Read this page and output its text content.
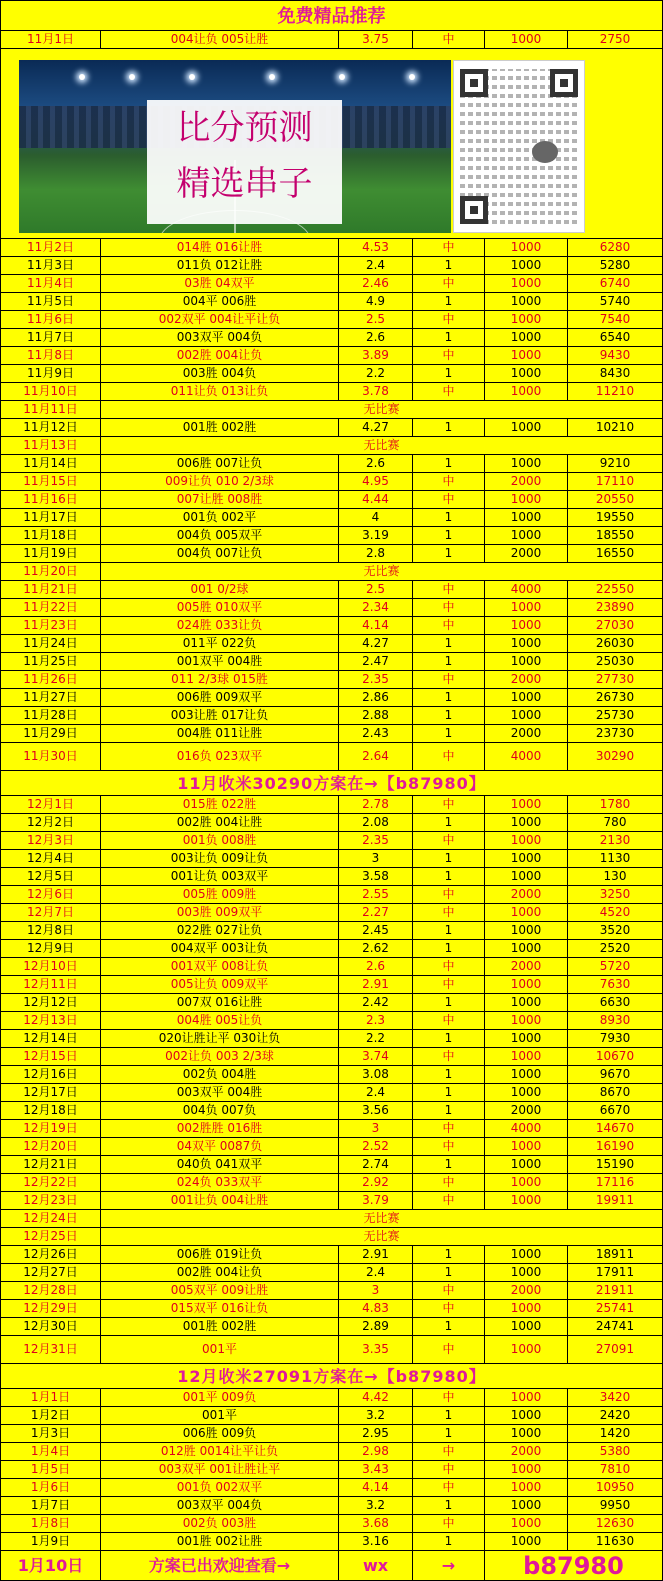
免费精品推荐
11月1日	004让负 005让胜	3.75	中	1000	2750
比分预测
精选串子
11月2日	014胜 016让胜	4.53	中	1000	6280
11月3日	011负 012让胜	2.4	1	1000	5280
11月4日	03胜 04双平	2.46	中	1000	6740
11月5日	004平 006胜	4.9	1	1000	5740
11月6日	002双平 004让平让负	2.5	中	1000	7540
11月7日	003双平 004负	2.6	1	1000	6540
11月8日	002胜 004让负	3.89	中	1000	9430
11月9日	003胜 004负	2.2	1	1000	8430
11月10日	011让负 013让负	3.78	中	1000	11210
11月11日	无比赛
11月12日	001胜 002胜	4.27	1	1000	10210
11月13日	无比赛
11月14日	006胜 007让负	2.6	1	1000	9210
11月15日	009让负 010 2/3球	4.95	中	2000	17110
11月16日	007让胜 008胜	4.44	中	1000	20550
11月17日	001负 002平	4	1	1000	19550
11月18日	004负 005双平	3.19	1	1000	18550
11月19日	004负 007让负	2.8	1	2000	16550
11月20日	无比赛
11月21日	001 0/2球	2.5	中	4000	22550
11月22日	005胜 010双平	2.34	中	1000	23890
11月23日	024胜 033让负	4.14	中	1000	27030
11月24日	011平 022负	4.27	1	1000	26030
11月25日	001双平 004胜	2.47	1	1000	25030
11月26日	011 2/3球 015胜	2.35	中	2000	27730
11月27日	006胜 009双平	2.86	1	1000	26730
11月28日	003让胜 017让负	2.88	1	1000	25730
11月29日	004胜 011让胜	2.43	1	2000	23730
11月30日	016负 023双平	2.64	中	4000	30290
11月收米30290方案在→【b87980】
12月1日	015胜 022胜	2.78	中	1000	1780
12月2日	002胜 004让胜	2.08	1	1000	780
12月3日	001负 008胜	2.35	中	1000	2130
12月4日	003让负 009让负	3	1	1000	1130
12月5日	001让负 003双平	3.58	1	1000	130
12月6日	005胜 009胜	2.55	中	2000	3250
12月7日	003胜 009双平	2.27	中	1000	4520
12月8日	022胜 027让负	2.45	1	1000	3520
12月9日	004双平 003让负	2.62	1	1000	2520
12月10日	001双平 008让负	2.6	中	2000	5720
12月11日	005让负 009双平	2.91	中	1000	7630
12月12日	007双 016让胜	2.42	1	1000	6630
12月13日	004胜 005让负	2.3	中	1000	8930
12月14日	020让胜让平 030让负	2.2	1	1000	7930
12月15日	002让负 003 2/3球	3.74	中	1000	10670
12月16日	002负 004胜	3.08	1	1000	9670
12月17日	003双平 004胜	2.4	1	1000	8670
12月18日	004负 007负	3.56	1	2000	6670
12月19日	002胜胜 016胜	3	中	4000	14670
12月20日	04双平 0087负	2.52	中	1000	16190
12月21日	040负 041双平	2.74	1	1000	15190
12月22日	024负 033双平	2.92	中	1000	17116
12月23日	001让负 004让胜	3.79	中	1000	19911
12月24日	无比赛
12月25日	无比赛
12月26日	006胜 019让负	2.91	1	1000	18911
12月27日	002胜 004让负	2.4	1	1000	17911
12月28日	005双平 009让胜	3	中	2000	21911
12月29日	015双平 016让负	4.83	中	1000	25741
12月30日	001胜 002胜	2.89	1	1000	24741
12月31日	001平	3.35	中	1000	27091
12月收米27091方案在→【b87980】
1月1日	001平 009负	4.42	中	1000	3420
1月2日	001平	3.2	1	1000	2420
1月3日	006胜 009负	2.95	1	1000	1420
1月4日	012胜 0014让平让负	2.98	中	2000	5380
1月5日	003双平 001让胜让平	3.43	中	1000	7810
1月6日	001负 002双平	4.14	中	1000	10950
1月7日	003双平 004负	3.2	1	1000	9950
1月8日	002负 003胜	3.68	中	1000	12630
1月9日	001胜 002让胜	3.16	1	1000	11630
1月10日	方案已出欢迎查看→	wx	→	b87980
